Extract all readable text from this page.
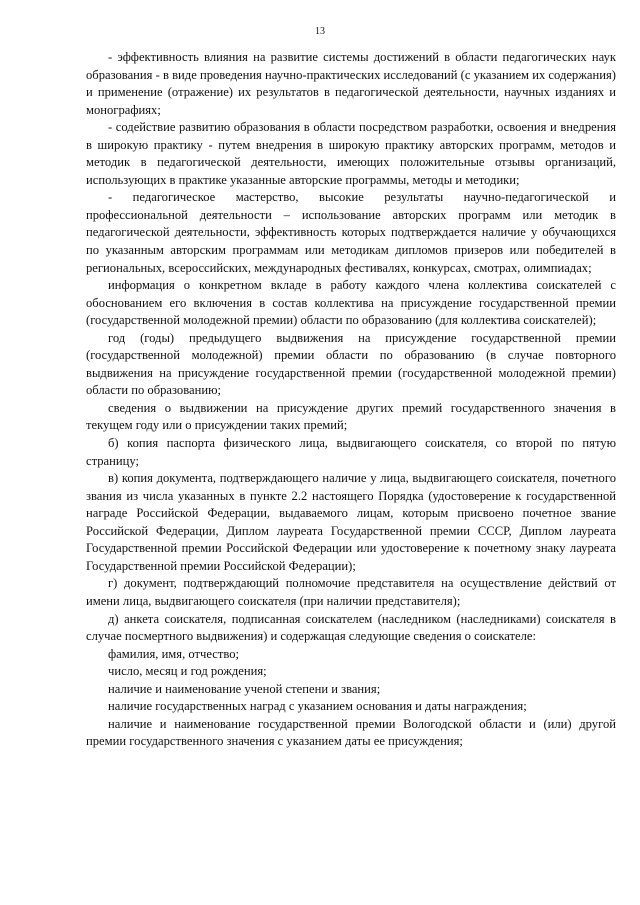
13

- эффективность влияния на развитие системы достижений в области педагогических наук образования - в виде проведения научно-практических исследований (с указанием их содержания) и применение (отражение) их результатов в педагогической деятельности, научных изданиях и монографиях;

- содействие развитию образования в области посредством разработки, освоения и внедрения в широкую практику - путем внедрения в широкую практику авторских программ, методов и методик в педагогической деятельности, имеющих положительные отзывы организаций, использующих в практике указанные авторские программы, методы и методики;

- педагогическое мастерство, высокие результаты научно-педагогической и профессиональной деятельности – использование авторских программ или методик в педагогической деятельности, эффективность которых подтверждается наличие у обучающихся по указанным авторским программам или методикам дипломов призеров или победителей в региональных, всероссийских, международных фестивалях, конкурсах, смотрах, олимпиадах;

информация о конкретном вкладе в работу каждого члена коллектива соискателей с обоснованием его включения в состав коллектива на присуждение государственной премии (государственной молодежной премии) области по образованию (для коллектива соискателей);

год (годы) предыдущего выдвижения на присуждение государственной премии (государственной молодежной) премии области по образованию (в случае повторного выдвижения на присуждение государственной премии (государственной молодежной премии) области по образованию;

сведения о выдвижении на присуждение других премий государственного значения в текущем году или о присуждении таких премий;

б) копия паспорта физического лица, выдвигающего соискателя, со второй по пятую страницу;

в) копия документа, подтверждающего наличие у лица, выдвигающего соискателя, почетного звания из числа указанных в пункте 2.2 настоящего Порядка (удостоверение к государственной награде Российской Федерации, выдаваемого лицам, которым присвоено почетное звание Российской Федерации, Диплом лауреата Государственной премии СССР, Диплом лауреата Государственной премии Российской Федерации или удостоверение к почетному знаку лауреата Государственной премии Российской Федерации);

г) документ, подтверждающий полномочие представителя на осуществление действий от имени лица, выдвигающего соискателя (при наличии представителя);

д) анкета соискателя, подписанная соискателем (наследником (наследниками) соискателя в случае посмертного выдвижения) и содержащая следующие сведения о соискателе:

фамилия, имя, отчество;

число, месяц и год рождения;

наличие и наименование ученой степени и звания;

наличие государственных наград с указанием основания и даты награждения;

наличие и наименование государственной премии Вологодской области и (или) другой премии государственного значения с указанием даты ее присуждения;
